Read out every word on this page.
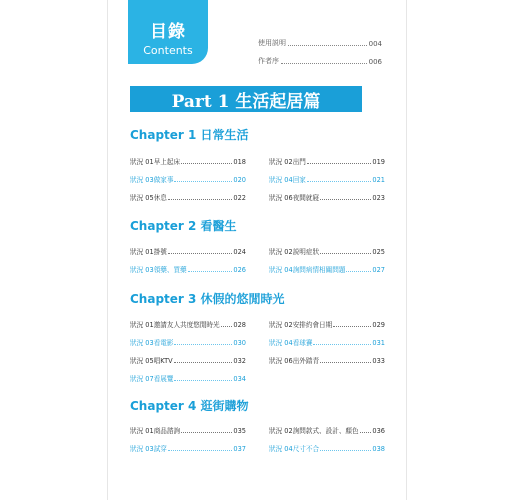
目錄
Contents
使用説明	004
作者序	006
Part 1 生活起居篇
Chapter 1 日常生活
Chapter 2 看醫生
Chapter 3 休假的悠閒時光
Chapter 4 逛街購物
狀況 01 早上起床	018	狀況 02 出門	019
狀況 03 做家事	020	狀況 04 回家	021
狀況 05 休息	022	狀況 06 夜間就寢	023
狀況 01 掛號	024	狀況 02 説明症狀	025
狀況 03 領藥、買藥	026	狀況 04 詢問病情相關問題	027
狀況 01 邀請友人共度悠閒時光 028	狀況 02 安排約會日期	029
狀況 03 看電影	030	狀況 04 看球賽	031
狀況 05 唱KTV	032	狀況 06 出外踏青	033
狀況 07 看展覽	034
狀況 01 商品諮詢	035	狀況 02 詢問款式、設計、顏色 036
狀況 03 試穿	037	狀況 04 尺寸不合	038
